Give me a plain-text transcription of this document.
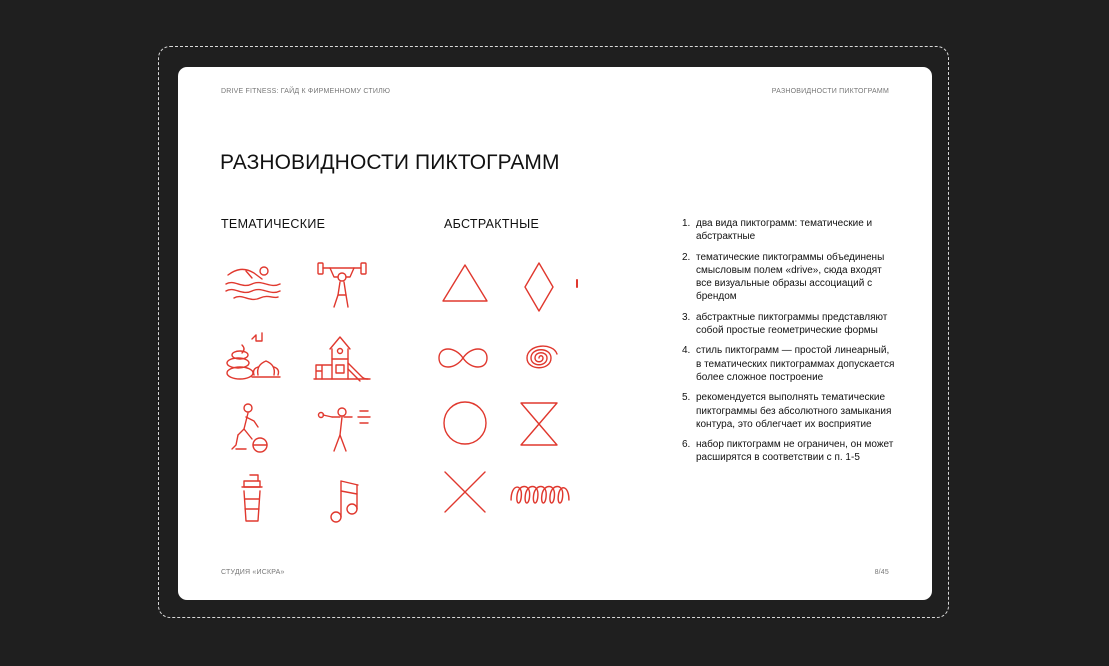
DRIVE FITNESS: ГАЙД К ФИРМЕННОМУ СТИЛЮ	РАЗНОВИДНОСТИ ПИКТОГРАММ
РАЗНОВИДНОСТИ ПИКТОГРАММ
ТЕМАТИЧЕСКИЕ	АБСТРАКТНЫЕ	1. два вида пиктограмм: тематические и абстрактные
2. тематические пиктограммы объединены смысловым полем «drive», сюда входят все визуальные образы ассоциаций с брендом
3. абстрактные пиктограммы представляют собой простые геометрические формы
4. стиль пиктограмм — простой линеарный, в тематических пиктограммах допускается более сложное построение
5. рекомендуется выполнять тематические пиктограммы без абсолютного замыкания контура, это облегчает их восприятие
6. набор пиктограмм не ограничен, он может расширятся в соответствии с п. 1-5
СТУДИЯ «ИСКРА»	8/45
